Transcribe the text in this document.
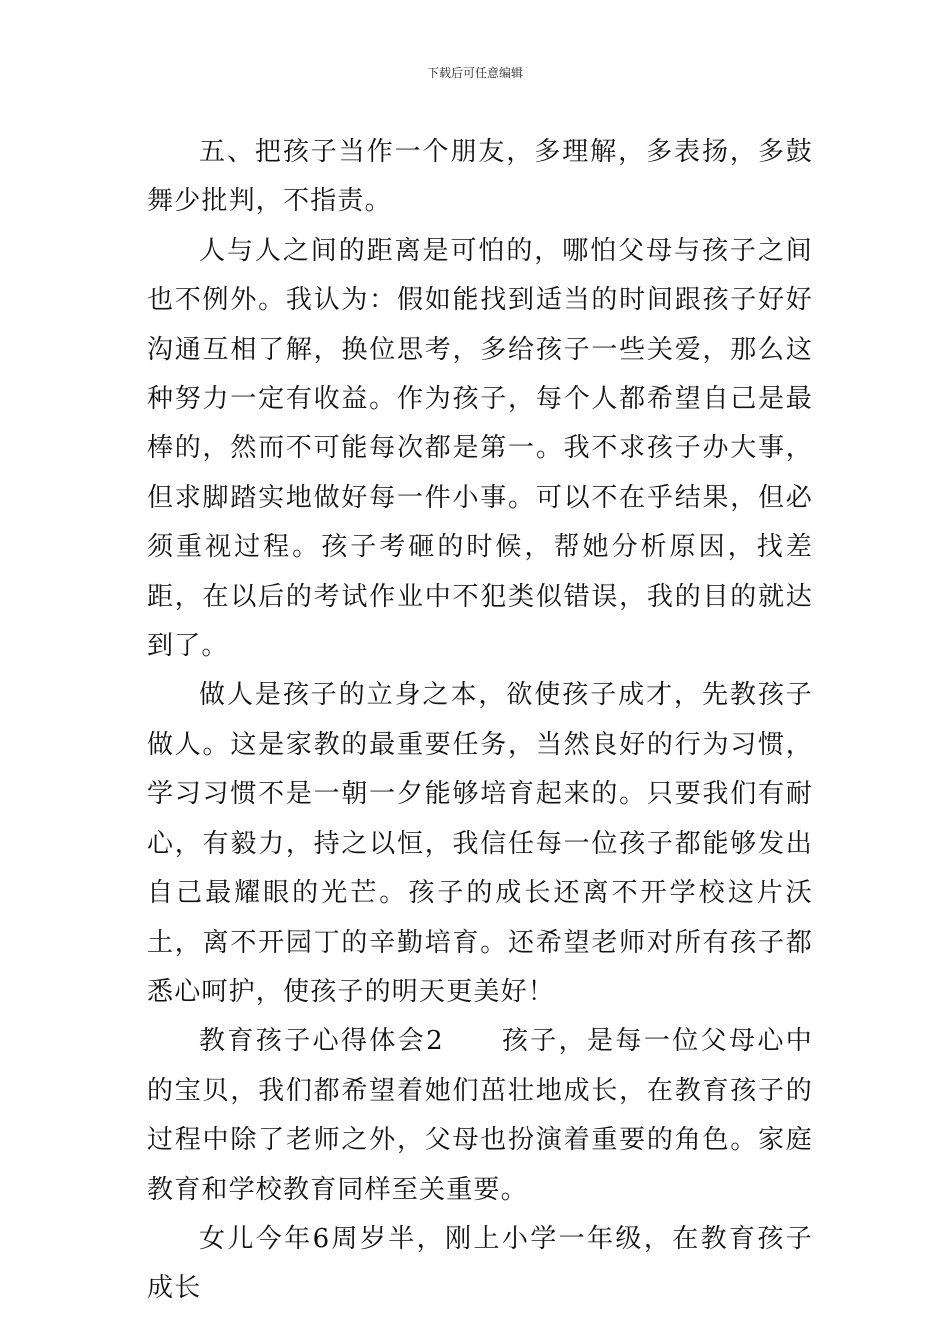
下载后可任意编辑

五、把孩子当作一个朋友，多理解，多表扬，多鼓舞少批判，不指责。

人与人之间的距离是可怕的，哪怕父母与孩子之间也不例外。我认为：假如能找到适当的时间跟孩子好好沟通互相了解，换位思考，多给孩子一些关爱，那么这种努力一定有收益。作为孩子，每个人都希望自己是最棒的，然而不可能每次都是第一。我不求孩子办大事，但求脚踏实地做好每一件小事。可以不在乎结果，但必须重视过程。孩子考砸的时候，帮她分析原因，找差距，在以后的考试作业中不犯类似错误，我的目的就达到了。

做人是孩子的立身之本，欲使孩子成才，先教孩子做人。这是家教的最重要任务，当然良好的行为习惯，学习习惯不是一朝一夕能够培育起来的。只要我们有耐心，有毅力，持之以恒，我信任每一位孩子都能够发出自己最耀眼的光芒。孩子的成长还离不开学校这片沃土，离不开园丁的辛勤培育。还希望老师对所有孩子都悉心呵护，使孩子的明天更美好！

教育孩子心得体会2　　孩子，是每一位父母心中的宝贝，我们都希望着她们茁壮地成长，在教育孩子的过程中除了老师之外，父母也扮演着重要的角色。家庭教育和学校教育同样至关重要。

女儿今年6周岁半，刚上小学一年级，在教育孩子成长
